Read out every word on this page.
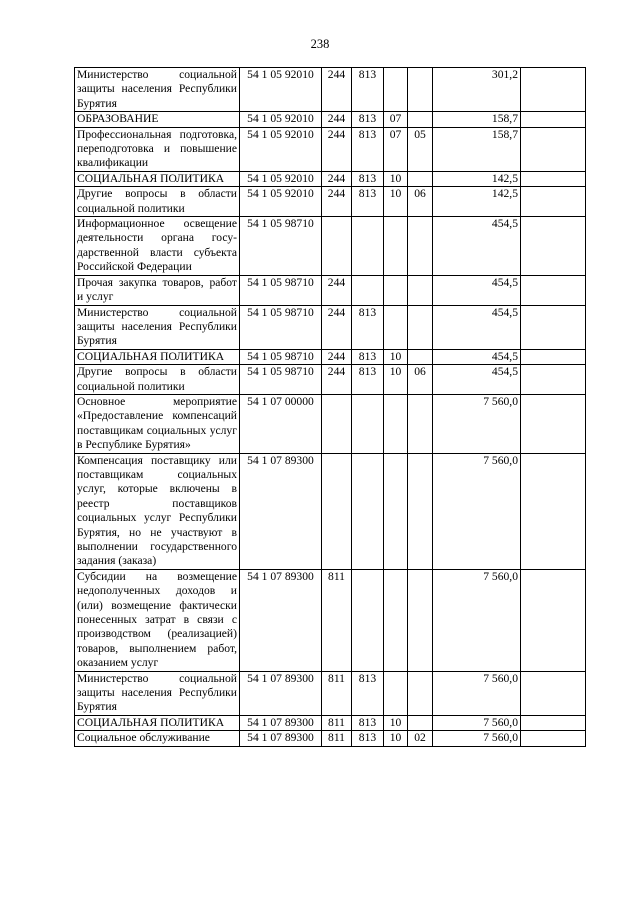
238
Министерство социальной защиты населения Республики Бурятия	54 1 05 92010	244	813			301,2	
ОБРАЗОВАНИЕ	54 1 05 92010	244	813	07		158,7	
Профессиональная подготовка, переподготовка и повышение квалификации	54 1 05 92010	244	813	07	05	158,7	
СОЦИАЛЬНАЯ ПОЛИТИКА	54 1 05 92010	244	813	10		142,5	
Другие вопросы в области социальной политики	54 1 05 92010	244	813	10	06	142,5	
Информационное освещение деятельности органа государственной власти субъекта Российской Федерации	54 1 05 98710					454,5	
Прочая закупка товаров, работ и услуг	54 1 05 98710	244				454,5	
Министерство социальной защиты населения Республики Бурятия	54 1 05 98710	244	813			454,5	
СОЦИАЛЬНАЯ ПОЛИТИКА	54 1 05 98710	244	813	10		454,5	
Другие вопросы в области социальной политики	54 1 05 98710	244	813	10	06	454,5	
Основное мероприятие «Предоставление компенсаций поставщикам социальных услуг в Республике Бурятия»	54 1 07 00000					7 560,0	
Компенсация поставщику или поставщикам социальных услуг, которые включены в реестр поставщиков социальных услуг Республики Бурятия, но не участвуют в выполнении государственного задания (заказа)	54 1 07 89300					7 560,0	
Субсидии на возмещение недополученных доходов и (или) возмещение фактически понесенных затрат в связи с производством (реализацией) товаров, выполнением работ, оказанием услуг	54 1 07 89300	811				7 560,0	
Министерство социальной защиты населения Республики Бурятия	54 1 07 89300	811	813			7 560,0	
СОЦИАЛЬНАЯ ПОЛИТИКА	54 1 07 89300	811	813	10		7 560,0	
Социальное обслуживание	54 1 07 89300	811	813	10	02	7 560,0	
